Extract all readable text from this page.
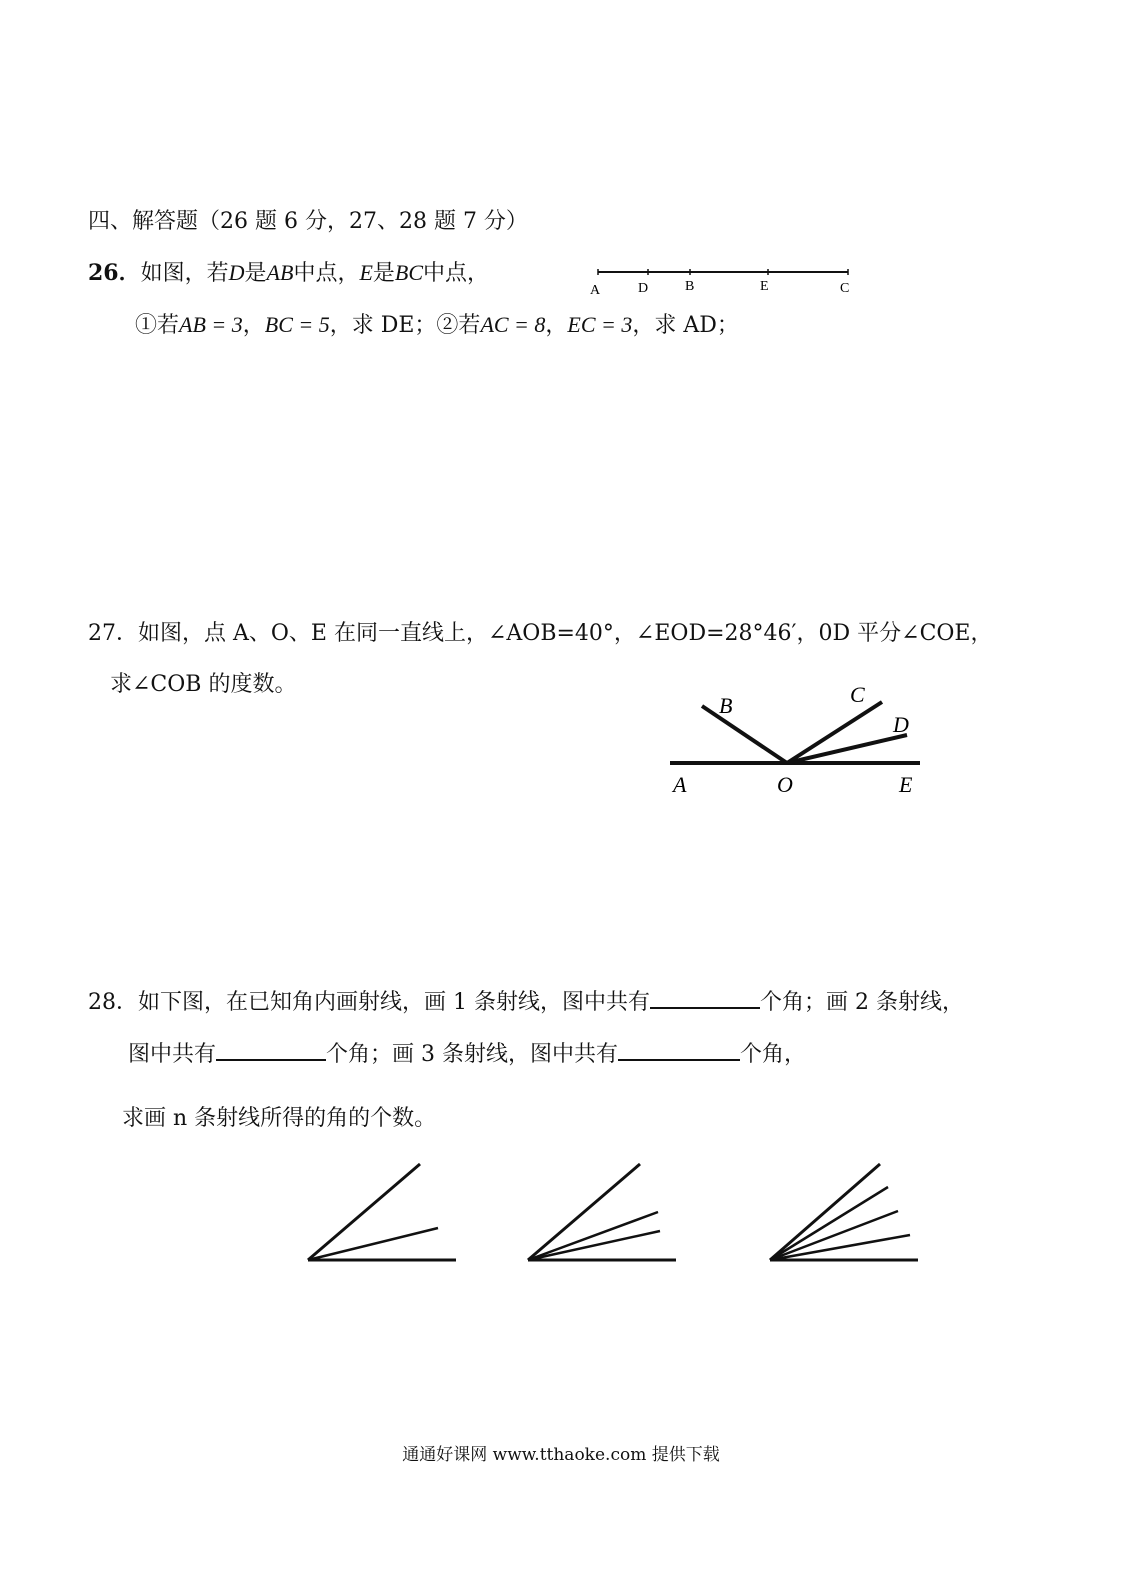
四、解答题（26 题 6 分，27、28 题 7 分）
26．如图，若D是AB中点，E是BC中点，
A	D	B	E	C
①若AB = 3，BC = 5，求 DE；②若AC = 8，EC = 3，求 AD；
27．如图，点 A、O、E 在同一直线上，∠AOB=40°，∠EOD=28°46′，0D 平分∠COE，
求∠COB 的度数。
A	O	E
B	C
D
28．如下图，在已知角内画射线，画 1 条射线，图中共有	个角；画 2 条射线，
图中共有	个角；画 3 条射线，图中共有	个角，
求画 n 条射线所得的角的个数。
通通好课网 www.tthaoke.com 提供下载
